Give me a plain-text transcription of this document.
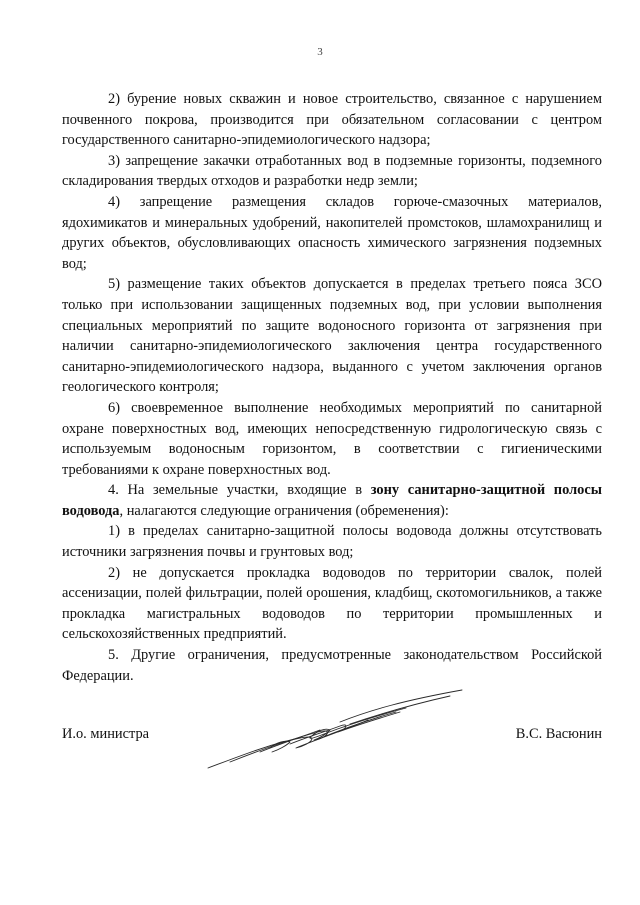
3

2) бурение новых скважин и новое строительство, связанное с нарушением почвенного покрова, производится при обязательном согласовании с центром государственного санитарно-эпидемиологического надзора;

3) запрещение закачки отработанных вод в подземные горизонты, подземного складирования твердых отходов и разработки недр земли;

4) запрещение размещения складов горюче-смазочных материалов, ядохимикатов и минеральных удобрений, накопителей промстоков, шламохранилищ и других объектов, обусловливающих опасность химического загрязнения подземных вод;

5) размещение таких объектов допускается в пределах третьего пояса ЗСО только при использовании защищенных подземных вод, при условии выполнения специальных мероприятий по защите водоносного горизонта от загрязнения при наличии санитарно-эпидемиологического заключения центра государственного санитарно-эпидемиологического надзора, выданного с учетом заключения органов геологического контроля;

6) своевременное выполнение необходимых мероприятий по санитарной охране поверхностных вод, имеющих непосредственную гидрологическую связь с используемым водоносным горизонтом, в соответствии с гигиеническими требованиями к охране поверхностных вод.

4. На земельные участки, входящие в зону санитарно-защитной полосы водовода, налагаются следующие ограничения (обременения):

1) в пределах санитарно-защитной полосы водовода должны отсутствовать источники загрязнения почвы и грунтовых вод;

2) не допускается прокладка водоводов по территории свалок, полей ассенизации, полей фильтрации, полей орошения, кладбищ, скотомогильников, а также прокладка магистральных водоводов по территории промышленных и сельскохозяйственных предприятий.

5. Другие ограничения, предусмотренные законодательством Российской Федерации.

И.о. министра	В.С. Васюнин
